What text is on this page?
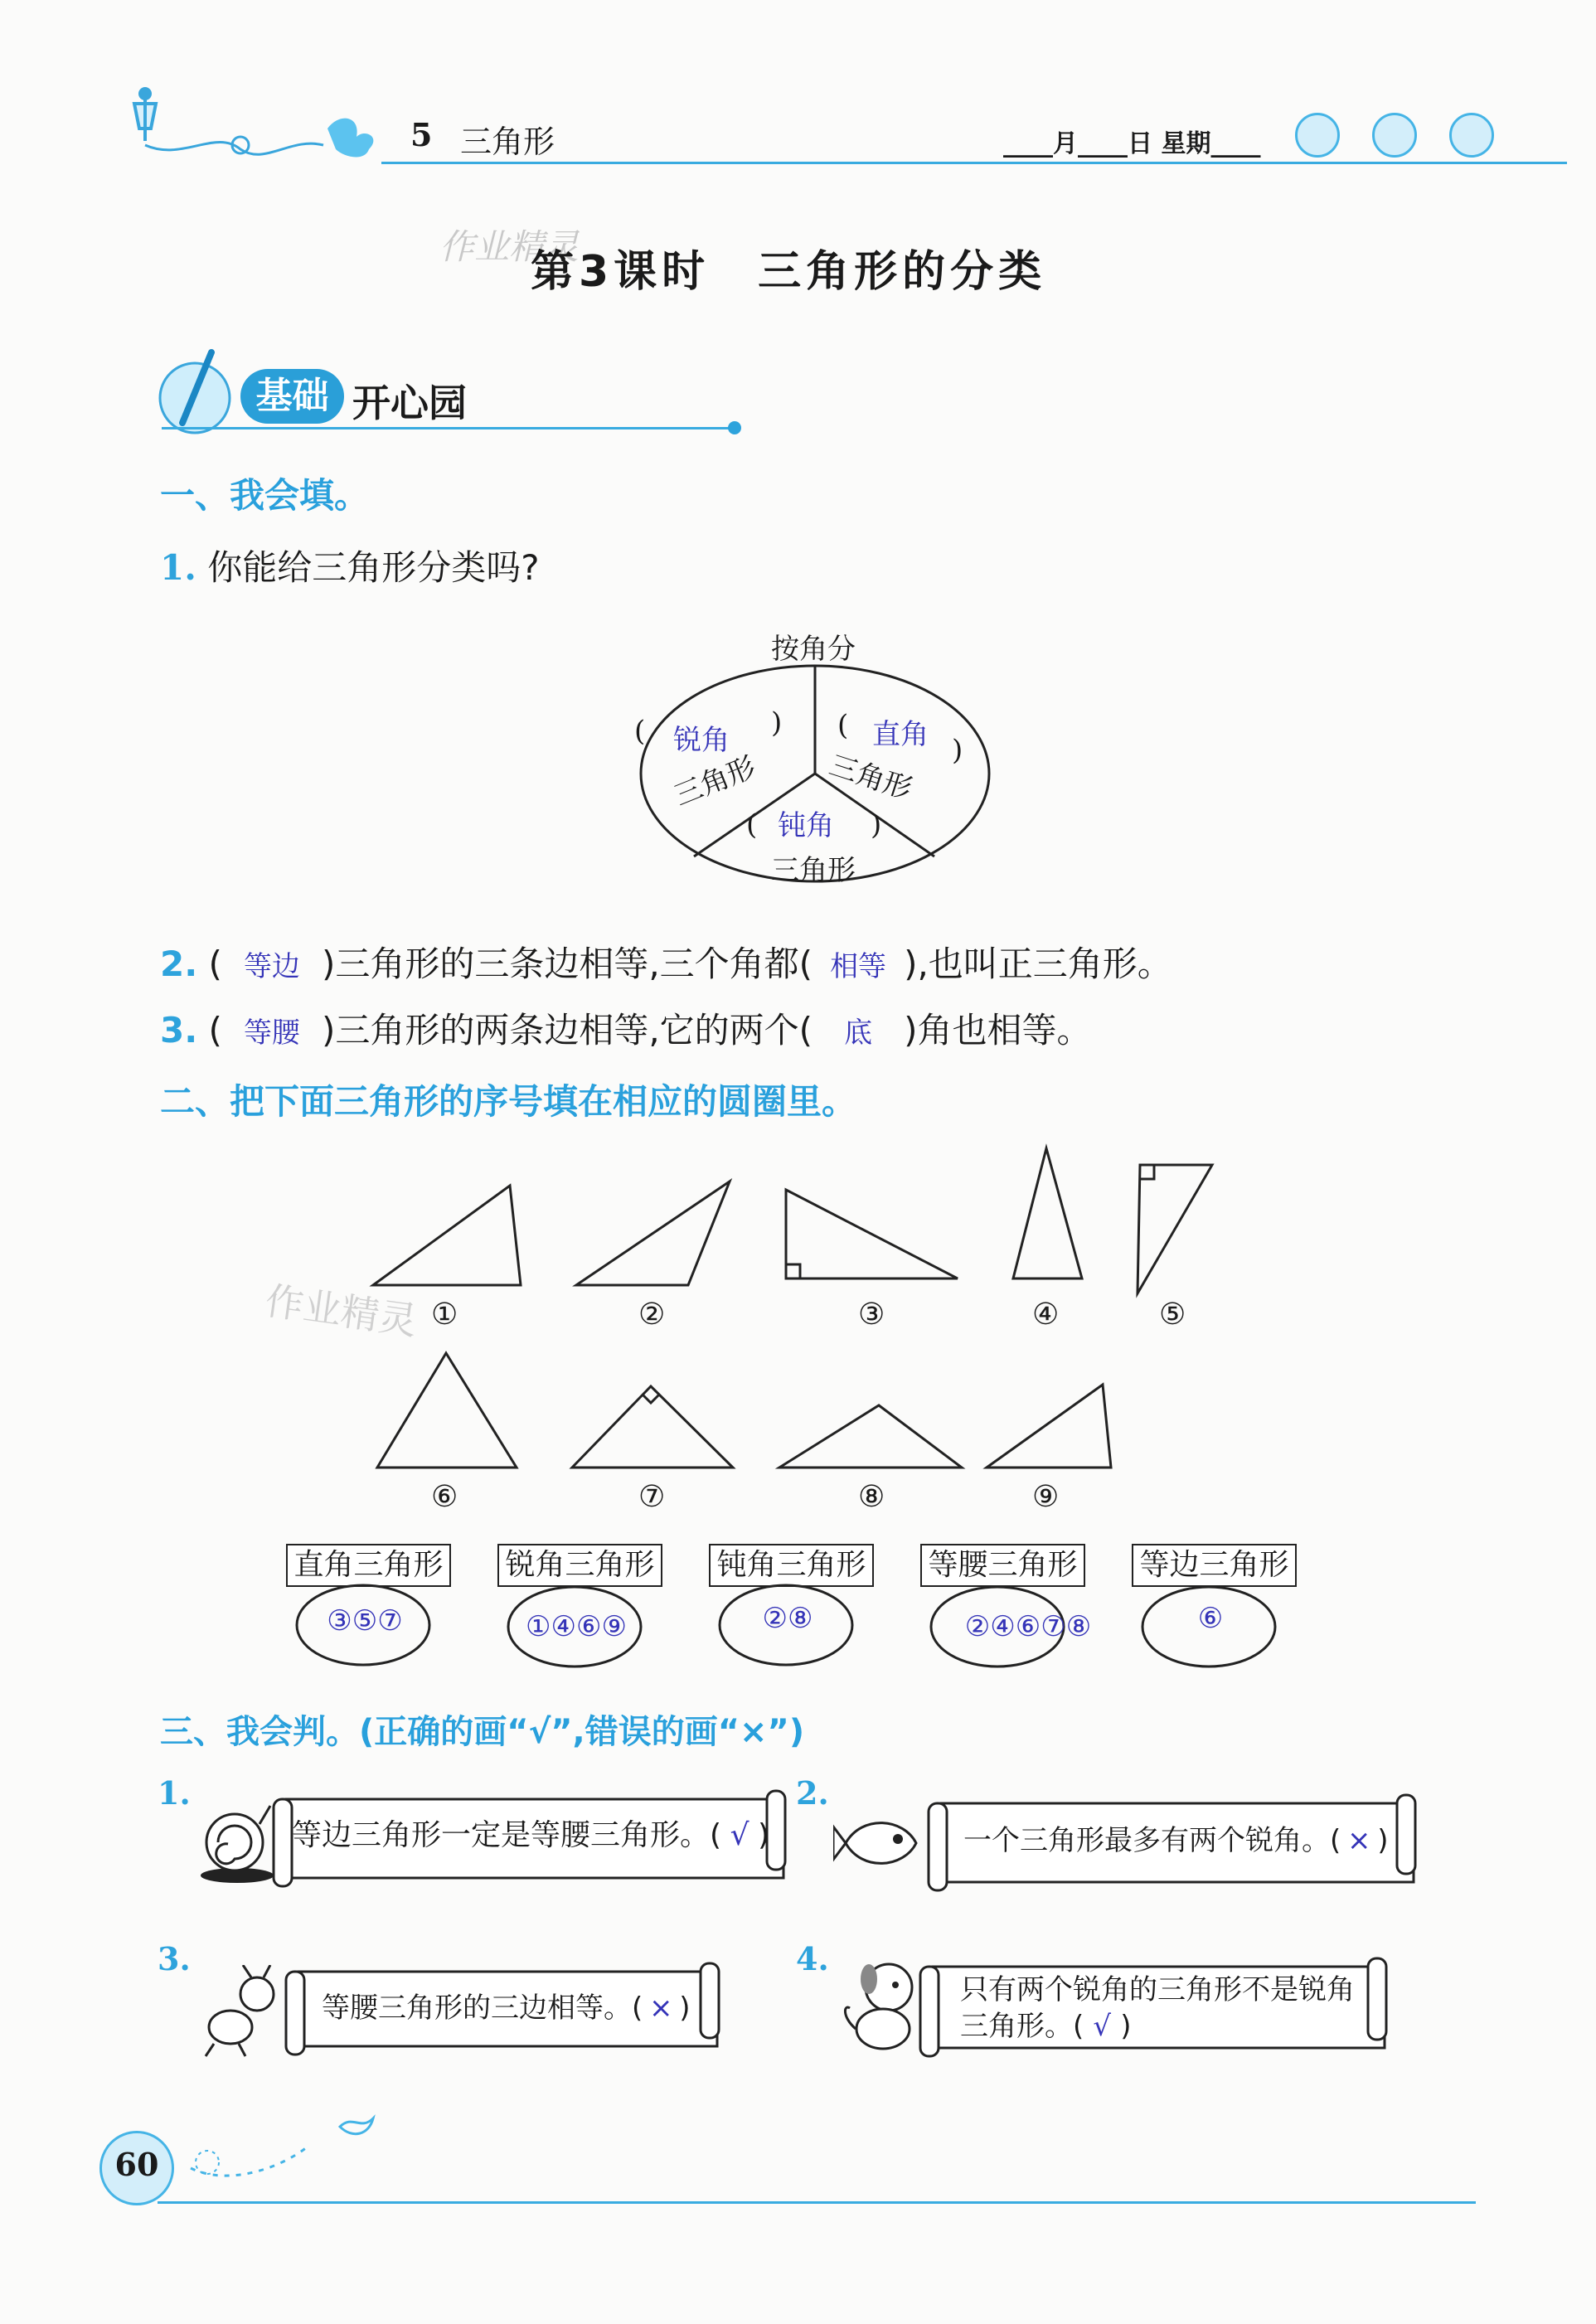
5 三角形	____月____日 星期____
作业精灵
第3课时　三角形的分类
基础 开心园
一、我会填。
1. 你能给三角形分类吗?
按角分
( 锐角
)
三角形
( 直角 )
三角形
( 钝角 )
三角形
2. ( 等边 )三角形的三条边相等,三个角都( 相等 ),也叫正三角形。
3. ( 等腰 )三角形的两条边相等,它的两个( 底 )角也相等。
二、把下面三角形的序号填在相应的圆圈里。
作业精灵 ①	②	③	④	⑤
⑥	⑦	⑧	⑨
直角三角形 锐角三角形 钝角三角形 等腰三角形 等边三角形
③⑤⑦	①④⑥⑨	②⑧	②④⑥⑦⑧	⑥
三、我会判。(正确的画“√”,错误的画“×”)
1.	2.
3.	4.
等边三角形一定是等腰三角形。( √ )	一个三角形最多有两个锐角。( × )
等腰三角形的三边相等。( × )
只有两个锐角的三角形不是锐角
三角形。( √ )
60
